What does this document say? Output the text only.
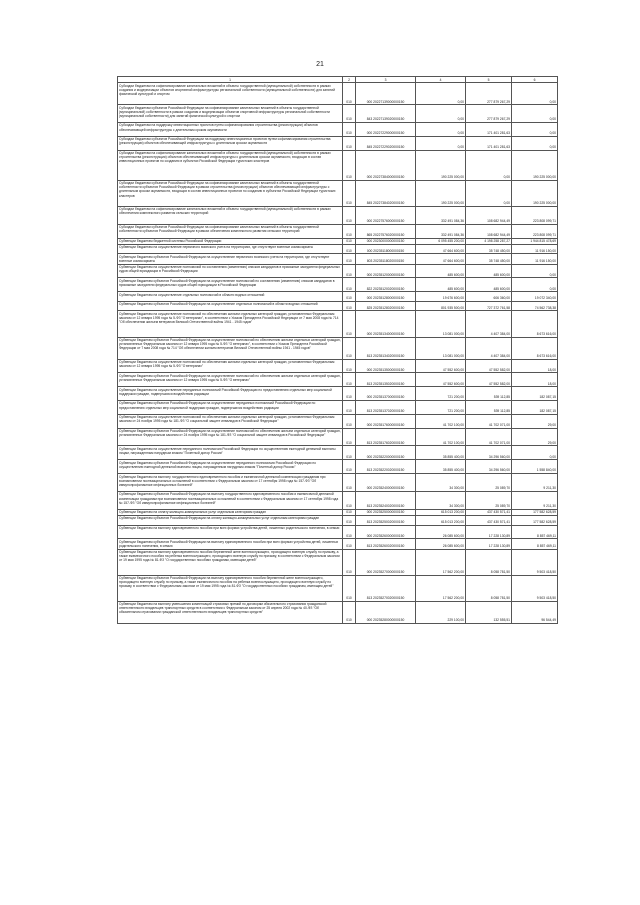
21
1	2	3	4	5	6
Субсидии бюджетам на софинансирование капитальных вложений в объекты государственной (муниципальной) собственности в рамках создания и модернизации объектов спортивной инфраструктуры региональной собственности (муниципальной собственности) для занятий физической культурой и спортом	010	000 20227139000000150	0,00	277 879 267,29	0,00
Субсидии бюджетам субъектов Российской Федерации на софинансирование капитальных вложений в объекты государственной (муниципальной) собственности в рамках создания и модернизации объектов спортивной инфраструктуры региональной собственности (муниципальной собственности) для занятий физической культурой и спортом	010	843 20227139020000150	0,00	277 879 267,29	0,00
Субсидии бюджетам на поддержку инвестиционных проектов путем софинансирования строительства (реконструкции) объектов обеспечивающей инфраструктуры с длительным сроком окупаемости	010	000 20227229000000150	0,00	171 401 281,63	0,00
Субсидии бюджетам субъектов Российской Федерации на поддержку инвестиционных проектов путем софинансирования строительства (реконструкции) объектов обеспечивающей инфраструктуры с длительным сроком окупаемости	010	845 20227229020000150	0,00	171 401 281,63	0,00
Субсидии бюджетам на софинансирование капитальных вложений в объекты государственной (муниципальной) собственности в рамках строительства (реконструкции) объектов обеспечивающей инфраструктуры с длительным сроком окупаемости, входящих в состав инвестиционных проектов по созданию в субъектах Российской Федерации туристских кластеров	010	000 20227384000000150	190 225 000,00	0,00	190 225 000,00
Субсидии бюджетам субъектов Российской Федерации на софинансирование капитальных вложений в объекты государственной собственности субъектов Российской Федерации в рамках строительства (реконструкции) объектов обеспечивающей инфраструктуры с длительным сроком окупаемости, входящих в состав инвестиционных проектов по созданию в субъектах Российской Федерации туристских кластеров	010	845 20227384020000150	190 225 000,00	0,00	190 225 000,00
Субсидии бюджетам на софинансирование капитальных вложений в объекты государственной (муниципальной) собственности в рамках обеспечения комплексного развития сельских территорий	010	000 20227576000000150	332 491 084,36	108 682 944,49	223 808 099,71
Субсидии бюджетам субъектов Российской Федерации на софинансирование капитальных вложений в объекты государственной собственности субъектов Российской Федерации в рамках обеспечения комплексного развития сельских территорий	010	865 20227576020000150	332 491 084,36	108 682 944,49	223 808 099,71
Субвенции бюджетам бюджетной системы Российской Федерации	010	000 20230000000000150	6 095 455 200,00	4 198 258 287,27	1 944 815 478,69
Субвенции бюджетам на осуществление первичного воинского учета на территориях, где отсутствуют военные комиссариаты	010	000 20235118000000150	47 664 600,00	35 748 450,00	11 916 150,00
Субвенции бюджетам субъектов Российской Федерации на осуществление первичного воинского учета на территориях, где отсутствуют военные комиссариаты	010	803 20235118020000150	47 664 600,00	35 748 450,00	11 916 150,00
Субвенции бюджетам на осуществление полномочий по составлению (изменению) списков кандидатов в присяжные заседатели федеральных судов общей юрисдикции в Российской Федерации	010	000 20235120000000150	485 600,00	485 600,00	0,00
Субвенции бюджетам субъектов Российской Федерации на осуществление полномочий по составлению (изменению) списков кандидатов в присяжные заседатели федеральных судов общей юрисдикции в Российской Федерации	010	822 20235120020000150	485 600,00	485 600,00	0,00
Субвенции бюджетам на осуществление отдельных полномочий в области водных отношений	010	000 20235128000000150	19 676 600,00	606 360,00	19 072 340,00
Субвенции бюджетам субъектов Российской Федерации на осуществление отдельных полномочий в области водных отношений	010	825 20235128020000150	801 935 500,00	727 372 761,58	74 562 738,38
Субвенции бюджетам на осуществление полномочий по обеспечению жильем отдельных категорий граждан, установленных Федеральным законом от 12 января 1995 года № 5-ФЗ "О ветеранах", в соответствии с Указом Президента Российской Федерации от 7 мая 2008 года № 714 "Об обеспечении жильем ветеранов Великой Отечественной войны 1941 - 1945 годов"	010	000 20235134000000150	13 081 000,00	4 407 384,00	8 673 616,00
Субвенции бюджетам субъектов Российской Федерации на осуществление полномочий по обеспечению жильем отдельных категорий граждан, установленных Федеральным законом от 12 января 1995 года № 5-ФЗ "О ветеранах", в соответствии с Указом Президента Российской Федерации от 7 мая 2008 года № 714 "Об обеспечении жильем ветеранов Великой Отечественной войны 1941 - 1945 годов"	010	813 20235134020000150	13 081 000,00	4 407 384,00	8 673 616,00
Субвенции бюджетам на осуществление полномочий по обеспечению жильем отдельных категорий граждан, установленных Федеральным законом от 12 января 1995 года № 5-ФЗ "О ветеранах"	010	000 20235135000000150	47 552 600,00	47 552 582,00	18,00
Субвенции бюджетам субъектов Российской Федерации на осуществление полномочий по обеспечению жильем отдельных категорий граждан, установленных Федеральным законом от 12 января 1995 года № 5-ФЗ "О ветеранах"	010	813 20235135020000150	47 552 600,00	47 552 582,00	18,00
Субвенции бюджетам на осуществление переданных полномочий Российской Федерации по предоставлению отдельных мер социальной поддержки граждан, подвергшихся воздействию радиации	010	000 20235137000000150	721 200,00	539 112,85	182 087,15
Субвенции бюджетам субъектов Российской Федерации на осуществление переданных полномочий Российской Федерации по предоставлению отдельных мер социальной поддержки граждан, подвергшихся воздействию радиации	010	813 20235137020000150	721 200,00	539 112,85	182 087,15
Субвенции бюджетам на осуществление полномочий по обеспечению жильем отдельных категорий граждан, установленных Федеральным законом от 24 ноября 1995 года № 181-ФЗ "О социальной защите инвалидов в Российской Федерации"	010	000 20235176000000150	41 702 100,00	41 702 071,00	29,00
Субвенции бюджетам субъектов Российской Федерации на осуществление полномочий по обеспечению жильем отдельных категорий граждан, установленных Федеральным законом от 24 ноября 1995 года № 181-ФЗ "О социальной защите инвалидов в Российской Федерации"	010	813 20235176020000150	41 702 100,00	41 702 071,00	29,00
Субвенции бюджетам на осуществление переданного полномочия Российской Федерации по осуществлению ежегодной денежной выплаты лицам, награжденным нагрудным знаком "Почетный донор России"	010	000 20235220000000150	35 855 400,00	34 296 560,00	0,00
Субвенции бюджетам субъектов Российской Федерации на осуществление переданного полномочия Российской Федерации по осуществлению ежегодной денежной выплаты лицам, награжденным нагрудным знаком "Почетный донор России"	010	813 20235220020000150	35 855 400,00	34 296 560,00	1 558 840,00
Субвенции бюджетам на выплату государственного единовременного пособия и ежемесячной денежной компенсации гражданам при возникновении поствакцинальных осложнений в соответствии с Федеральным законом от 17 сентября 1998 года № 157-ФЗ "Об иммунопрофилактике инфекционных болезней"	010	000 20235240000000150	34 300,00	25 089,70	9 211,30
Субвенции бюджетам субъектов Российской Федерации на выплату государственного единовременного пособия и ежемесячной денежной компенсации гражданам при возникновении поствакцинальных осложнений в соответствии с Федеральным законом от 17 сентября 1998 года № 157-ФЗ "Об иммунопрофилактике инфекционных болезней"	010	813 20235240020000150	34 300,00	25 089,70	9 211,30
Субвенции бюджетам на оплату жилищно-коммунальных услуг отдельным категориям граждан	010	000 20235250000000150	615 013 200,00	437 430 571,41	177 582 628,59
Субвенции бюджетам субъектов Российской Федерации на оплату жилищно-коммунальных услуг отдельным категориям граждан	010	813 20235250020000150	615 013 200,00	437 430 571,41	177 582 628,59
Субвенции бюджетам на выплату единовременного пособия при всех формах устройства детей, лишенных родительского попечения, в семью	010	000 20235260000000150	26 085 600,00	17 228 130,89	8 857 469,11
Субвенции бюджетам субъектов Российской Федерации на выплату единовременного пособия при всех формах устройства детей, лишенных родительского попечения, в семью	010	813 20235260020000150	26 085 600,00	17 228 130,89	8 857 469,11
Субвенции бюджетам на выплату единовременного пособия беременной жене военнослужащего, проходящего военную службу по призыву, а также ежемесячного пособия на ребенка военнослужащего, проходящего военную службу по призыву, в соответствии с Федеральным законом от 19 мая 1995 года № 81-ФЗ "О государственных пособиях гражданам, имеющим детей"	010	000 20235270000000150	17 562 200,00	8 058 781,50	9 503 418,50
Субвенции бюджетам субъектов Российской Федерации на выплату единовременного пособия беременной жене военнослужащего, проходящего военную службу по призыву, а также ежемесячного пособия на ребенка военнослужащего, проходящего военную службу по призыву, в соответствии с Федеральным законом от 19 мая 1995 года № 81-ФЗ "О государственных пособиях гражданам, имеющим детей"	010	813 20235270020000150	17 562 200,00	8 058 781,50	9 503 418,50
Субвенции бюджетам на выплату уменьшения компенсаций страховых премий по договорам обязательного страхования гражданской ответственности владельцев транспортных средств в соответствии с Федеральным законом от 25 апреля 2002 года № 40-ФЗ "Об обязательном страховании гражданской ответственности владельцев транспортных средств"	010	000 20235280000000150	229 100,00	132 555,51	96 544,49
